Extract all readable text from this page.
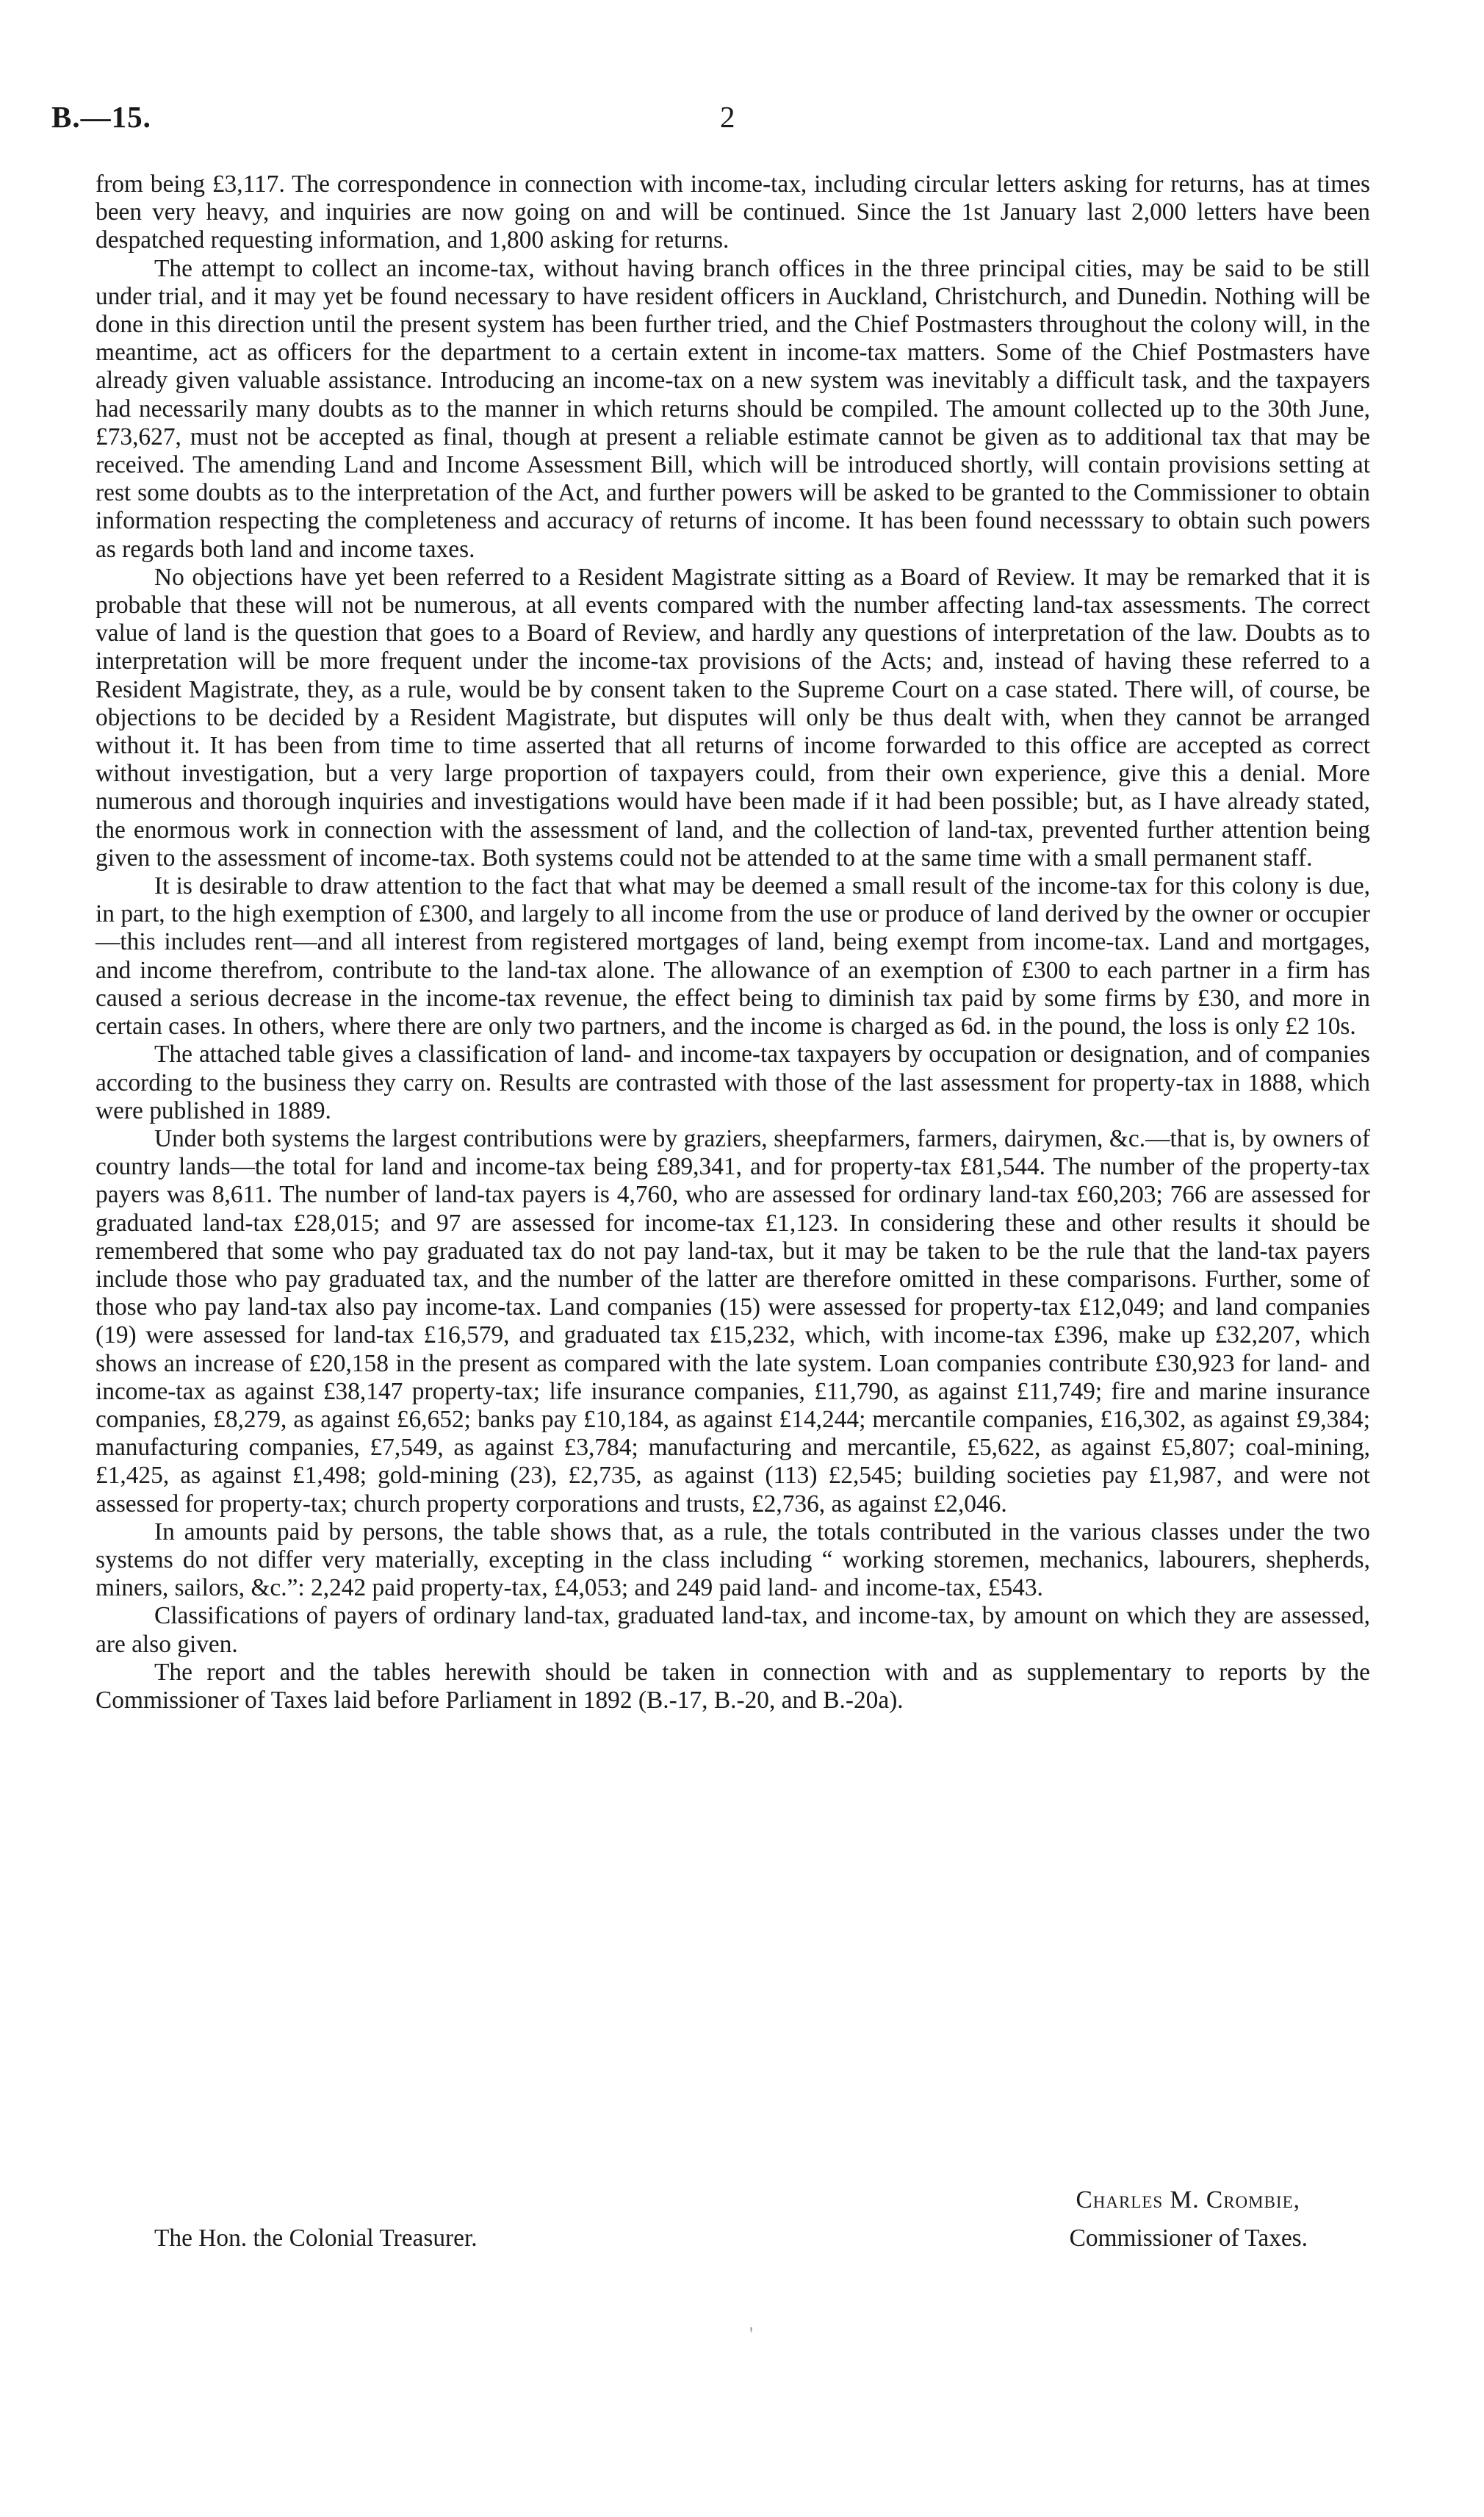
B.—15.	2

from being £3,117. The correspondence in connection with income-tax, including circular letters asking for returns, has at times been very heavy, and inquiries are now going on and will be continued. Since the 1st January last 2,000 letters have been despatched requesting information, and 1,800 asking for returns.

The attempt to collect an income-tax, without having branch offices in the three principal cities, may be said to be still under trial, and it may yet be found necessary to have resident officers in Auckland, Christchurch, and Dunedin. Nothing will be done in this direction until the present system has been further tried, and the Chief Postmasters throughout the colony will, in the meantime, act as officers for the department to a certain extent in income-tax matters. Some of the Chief Postmasters have already given valuable assistance. Introducing an income-tax on a new system was inevitably a difficult task, and the taxpayers had necessarily many doubts as to the manner in which returns should be compiled. The amount collected up to the 30th June, £73,627, must not be accepted as final, though at present a reliable estimate cannot be given as to additional tax that may be received. The amending Land and Income Assessment Bill, which will be introduced shortly, will contain provisions setting at rest some doubts as to the interpretation of the Act, and further powers will be asked to be granted to the Commissioner to obtain information respecting the completeness and accuracy of returns of income. It has been found necesssary to obtain such powers as regards both land and income taxes.

No objections have yet been referred to a Resident Magistrate sitting as a Board of Review. It may be remarked that it is probable that these will not be numerous, at all events compared with the number affecting land-tax assessments. The correct value of land is the question that goes to a Board of Review, and hardly any questions of interpretation of the law. Doubts as to interpretation will be more frequent under the income-tax provisions of the Acts; and, instead of having these referred to a Resident Magistrate, they, as a rule, would be by consent taken to the Supreme Court on a case stated. There will, of course, be objections to be decided by a Resident Magistrate, but disputes will only be thus dealt with, when they cannot be arranged without it. It has been from time to time asserted that all returns of income forwarded to this office are accepted as correct without investigation, but a very large proportion of taxpayers could, from their own experience, give this a denial. More numerous and thorough inquiries and investigations would have been made if it had been possible; but, as I have already stated, the enormous work in connection with the assessment of land, and the collection of land-tax, prevented further attention being given to the assessment of income-tax. Both systems could not be attended to at the same time with a small permanent staff.

It is desirable to draw attention to the fact that what may be deemed a small result of the income-tax for this colony is due, in part, to the high exemption of £300, and largely to all income from the use or produce of land derived by the owner or occupier—this includes rent—and all interest from registered mortgages of land, being exempt from income-tax. Land and mortgages, and income therefrom, contribute to the land-tax alone. The allowance of an exemption of £300 to each partner in a firm has caused a serious decrease in the income-tax revenue, the effect being to diminish tax paid by some firms by £30, and more in certain cases. In others, where there are only two partners, and the income is charged as 6d. in the pound, the loss is only £2 10s.

The attached table gives a classification of land- and income-tax taxpayers by occupation or designation, and of companies according to the business they carry on. Results are contrasted with those of the last assessment for property-tax in 1888, which were published in 1889.

Under both systems the largest contributions were by graziers, sheepfarmers, farmers, dairymen, &c.—that is, by owners of country lands—the total for land and income-tax being £89,341, and for property-tax £81,544. The number of the property-tax payers was 8,611. The number of land-tax payers is 4,760, who are assessed for ordinary land-tax £60,203; 766 are assessed for graduated land-tax £28,015; and 97 are assessed for income-tax £1,123. In considering these and other results it should be remembered that some who pay graduated tax do not pay land-tax, but it may be taken to be the rule that the land-tax payers include those who pay graduated tax, and the number of the latter are therefore omitted in these comparisons. Further, some of those who pay land-tax also pay income-tax. Land companies (15) were assessed for property-tax £12,049; and land companies (19) were assessed for land-tax £16,579, and graduated tax £15,232, which, with income-tax £396, make up £32,207, which shows an increase of £20,158 in the present as compared with the late system. Loan companies contribute £30,923 for land- and income-tax as against £38,147 property-tax; life insurance companies, £11,790, as against £11,749; fire and marine insurance companies, £8,279, as against £6,652; banks pay £10,184, as against £14,244; mercantile companies, £16,302, as against £9,384; manufacturing companies, £7,549, as against £3,784; manufacturing and mercantile, £5,622, as against £5,807; coal-mining, £1,425, as against £1,498; gold-mining (23), £2,735, as against (113) £2,545; building societies pay £1,987, and were not assessed for property-tax; church property corporations and trusts, £2,736, as against £2,046.

In amounts paid by persons, the table shows that, as a rule, the totals contributed in the various classes under the two systems do not differ very materially, excepting in the class including “ working storemen, mechanics, labourers, shepherds, miners, sailors, &c.”: 2,242 paid property-tax, £4,053; and 249 paid land- and income-tax, £543.

Classifications of payers of ordinary land-tax, graduated land-tax, and income-tax, by amount on which they are assessed, are also given.

The report and the tables herewith should be taken in connection with and as supplementary to reports by the Commissioner of Taxes laid before Parliament in 1892 (B.-17, B.-20, and B.-20a).

The Hon. the Colonial Treasurer.
Charles M. Crombie,
Commissioner of Taxes.
'
